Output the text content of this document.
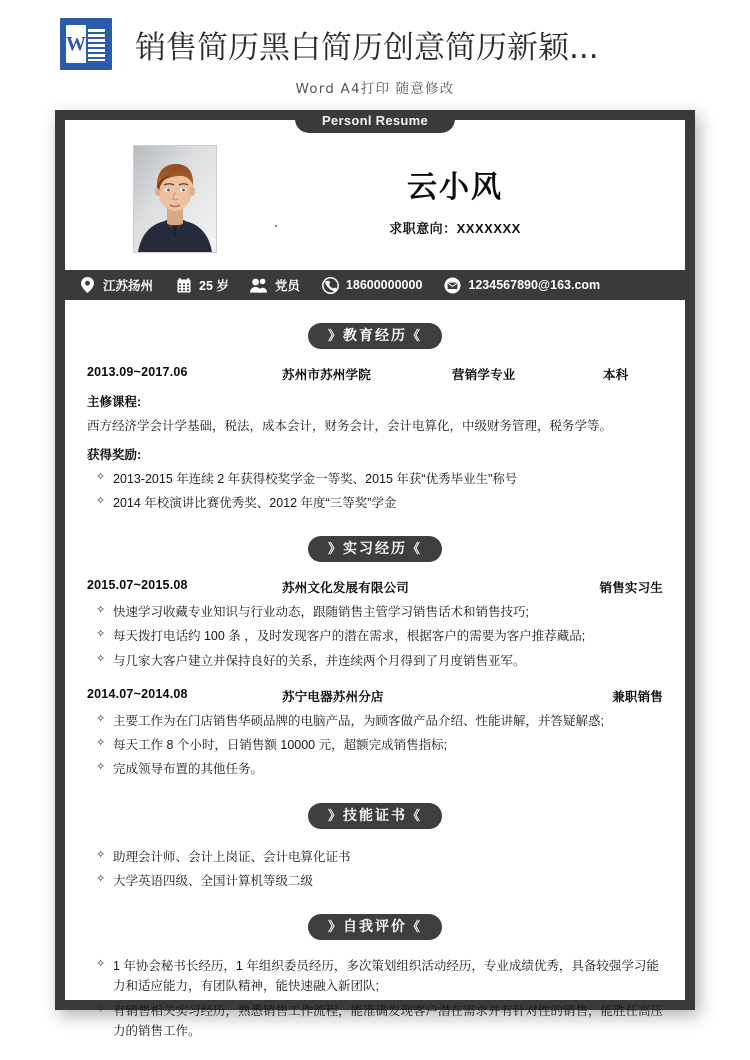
W 销售简历黑白简历创意简历新颖...
Word A4打印 随意修改
云小风
求职意向：XXXXXXX
江苏扬州	25 岁	党员	18600000000	1234567890@163.com
》教育经历《
2013.09~2017.06	苏州市苏州学院	营销学专业	本科
主修课程:
西方经济学会计学基础，税法，成本会计，财务会计，会计电算化，中级财务管理，税务学等。
获得奖励:
✧ 2013-2015 年连续 2 年获得校奖学金一等奖、2015 年获“优秀毕业生”称号
✧ 2014 年校演讲比赛优秀奖、2012 年度“三等奖”学金
》实习经历《
2015.07~2015.08	苏州文化发展有限公司	销售实习生
✧ 快速学习收藏专业知识与行业动态，跟随销售主管学习销售话术和销售技巧;
✧ 每天拨打电话约 100 条 ，及时发现客户的潜在需求，根据客户的需要为客户推荐藏品;
✧ 与几家大客户建立并保持良好的关系，并连续两个月得到了月度销售亚军。
2014.07~2014.08	苏宁电器苏州分店	兼职销售
✧ 主要工作为在门店销售华硕品牌的电脑产品，为顾客做产品介绍、性能讲解，并答疑解惑;
✧ 每天工作 8 个小时，日销售额 10000 元，超额完成销售指标;
✧ 完成领导布置的其他任务。
》技能证书《
✧ 助理会计师、会计上岗证、会计电算化证书
✧ 大学英语四级、全国计算机等级二级
》自我评价《
✧ 1 年协会秘书长经历，1 年组织委员经历，多次策划组织活动经历，专业成绩优秀，具备较强学习能力和适应能力，有团队精神，能快速融入新团队;
✧ 有销售相关实习经历，熟悉销售工作流程，能准确发现客户潜在需求并有针对性的销售，能胜任高压力的销售工作。
Personl Resume
